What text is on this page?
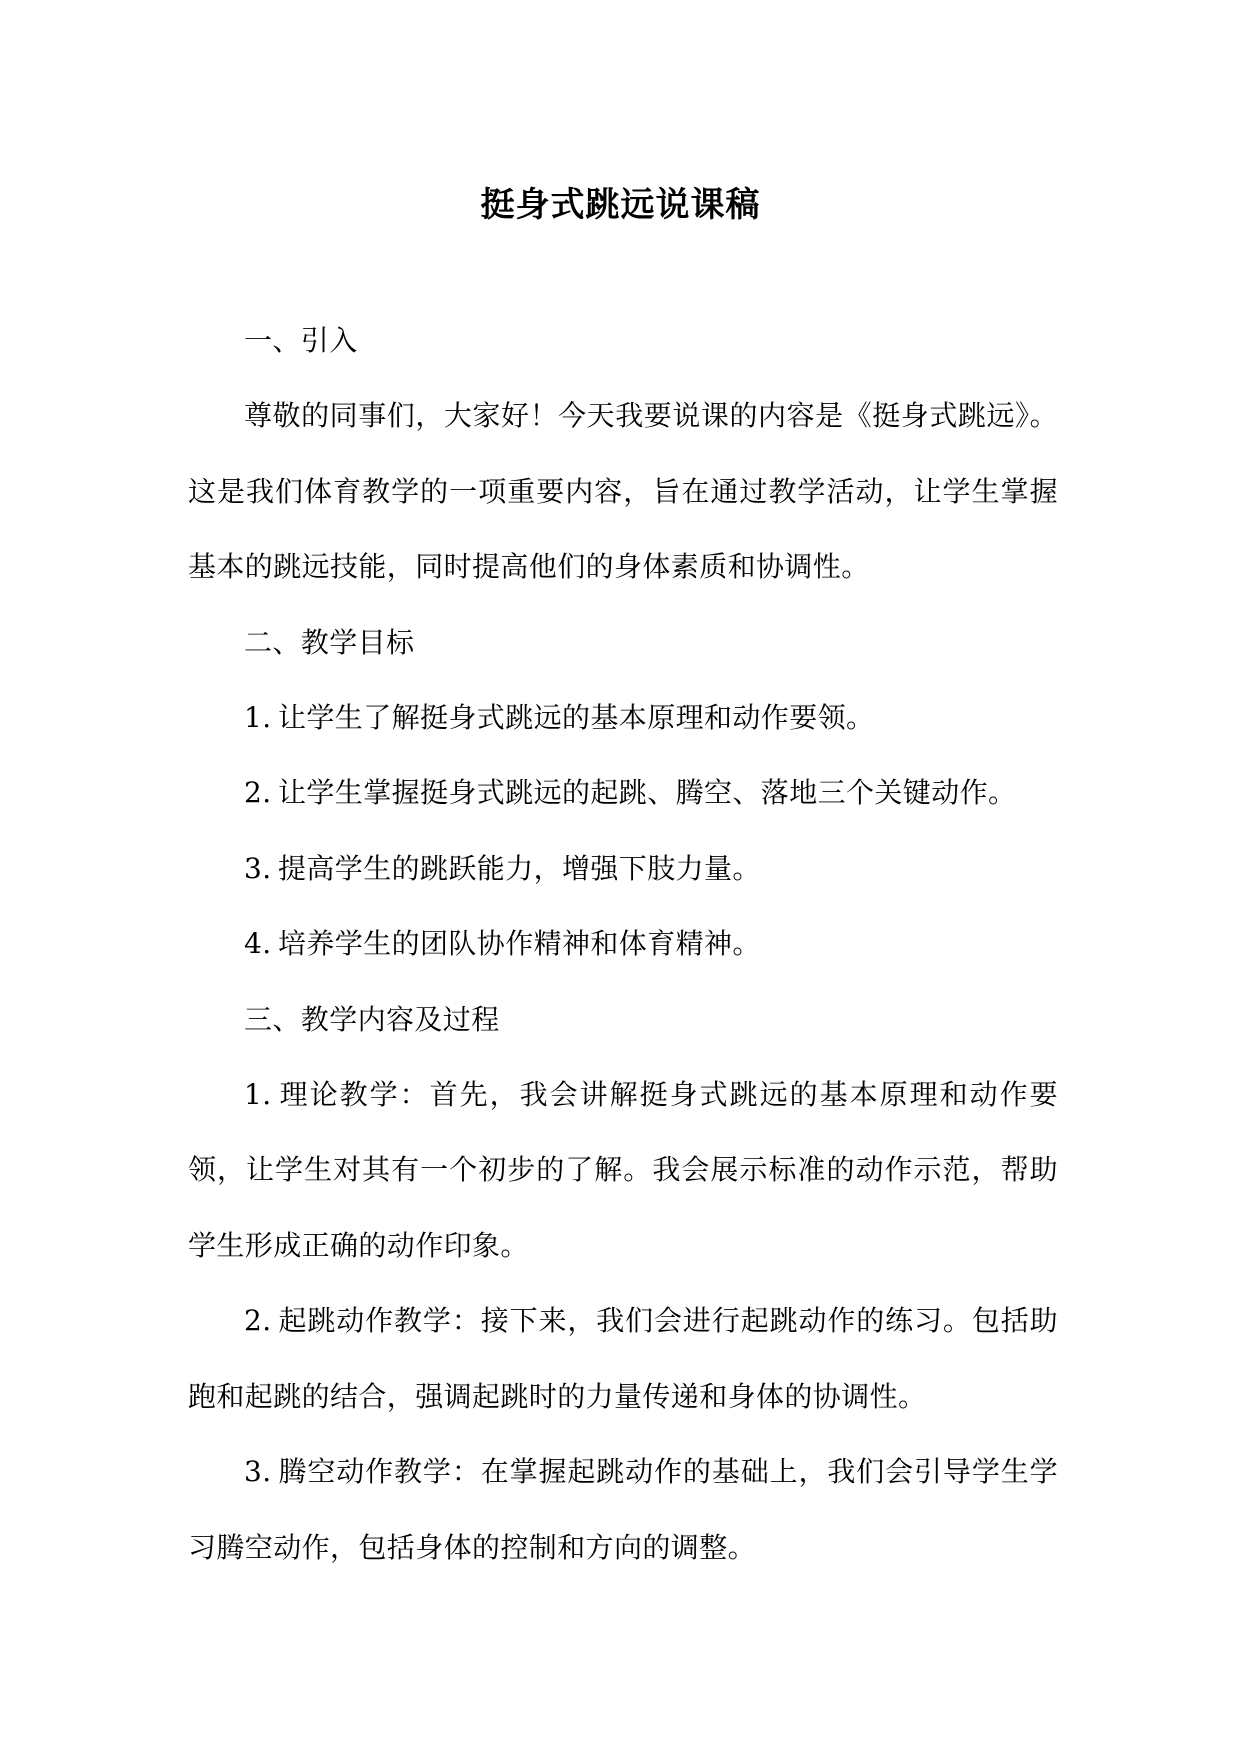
挺身式跳远说课稿

一、引入

尊敬的同事们，大家好！今天我要说课的内容是《挺身式跳远》。这是我们体育教学的一项重要内容，旨在通过教学活动，让学生掌握基本的跳远技能，同时提高他们的身体素质和协调性。

二、教学目标

1. 让学生了解挺身式跳远的基本原理和动作要领。

2. 让学生掌握挺身式跳远的起跳、腾空、落地三个关键动作。

3. 提高学生的跳跃能力，增强下肢力量。

4. 培养学生的团队协作精神和体育精神。

三、教学内容及过程

1. 理论教学：首先，我会讲解挺身式跳远的基本原理和动作要领，让学生对其有一个初步的了解。我会展示标准的动作示范，帮助学生形成正确的动作印象。

2. 起跳动作教学：接下来，我们会进行起跳动作的练习。包括助跑和起跳的结合，强调起跳时的力量传递和身体的协调性。

3. 腾空动作教学：在掌握起跳动作的基础上，我们会引导学生学习腾空动作，包括身体的控制和方向的调整。
